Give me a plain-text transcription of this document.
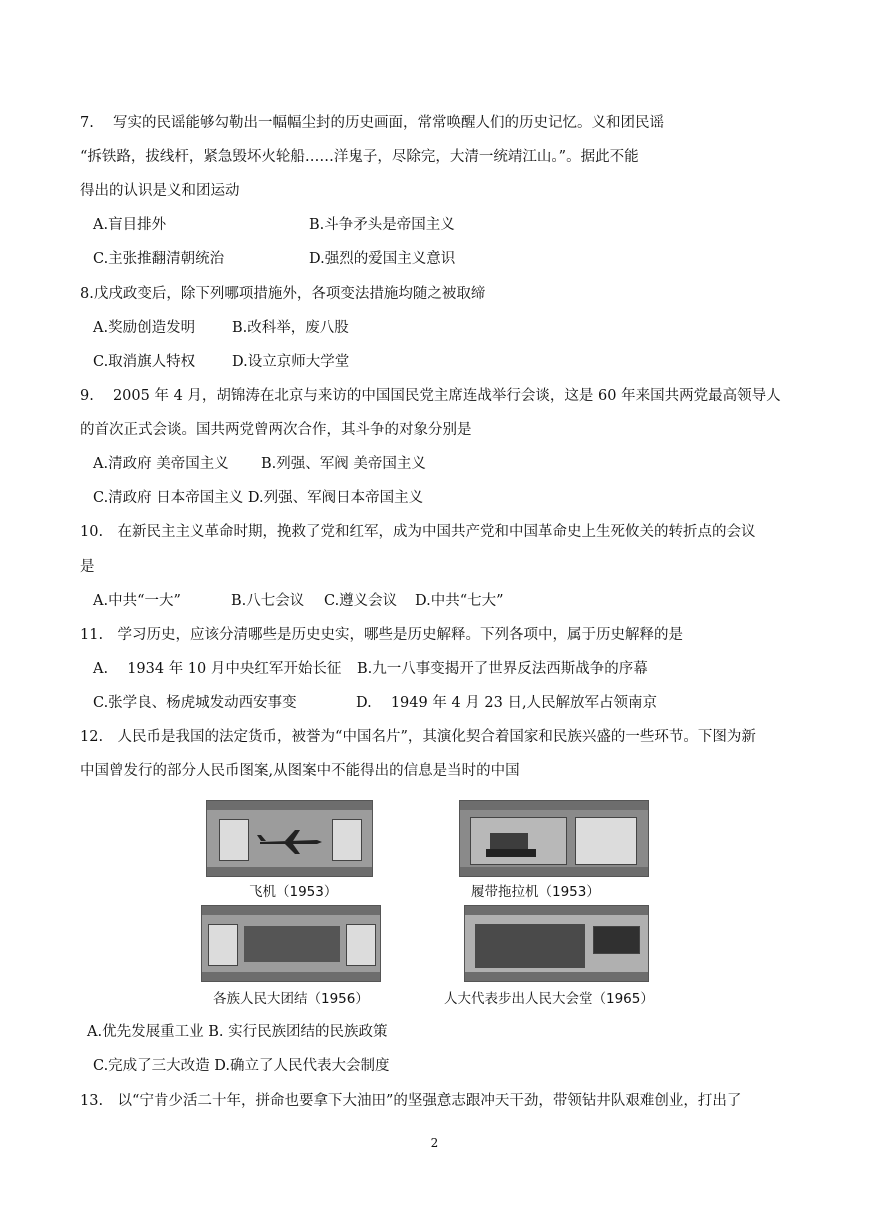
7.　 写实的民谣能够勾勒出一幅幅尘封的历史画面，常常唤醒人们的历史记忆。义和团民谣
“拆铁路，拔线杆，紧急毁坏火轮船……洋鬼子，尽除完，大清一统靖江山。”。据此不能
得出的认识是义和团运动
A.盲目排外	B.斗争矛头是帝国主义
C.主张推翻清朝统治	D.强烈的爱国主义意识
8.戊戌政变后，除下列哪项措施外，各项变法措施均随之被取缔
A.奖励创造发明	B.改科举，废八股
C.取消旗人特权	D.设立京师大学堂
9.　 2005 年 4 月，胡锦涛在北京与来访的中国国民党主席连战举行会谈，这是 60 年来国共两党最高领导人
的首次正式会谈。国共两党曾两次合作，其斗争的对象分别是
A.清政府 美帝国主义 B.列强、军阀 美帝国主义
C.清政府 日本帝国主义 D.列强、军阀日本帝国主义
10.　在新民主主义革命时期，挽救了党和红军，成为中国共产党和中国革命史上生死攸关的转折点的会议
是
A.中共“一大”	B.八七会议 C.遵义会议 D.中共“七大”
11.　学习历史，应该分清哪些是历史史实，哪些是历史解释。下列各项中，属于历史解释的是
A.　 1934 年 10 月中央红军开始长征 B.九一八事变揭开了世界反法西斯战争的序幕
C.张学良、杨虎城发动西安事变	D.　 1949 年 4 月 23 日,人民解放军占领南京
12.　人民币是我国的法定货币，被誉为“中国名片”，其演化契合着国家和民族兴盛的一些环节。下图为新
中国曾发行的部分人民币图案,从图案中不能得出的信息是当时的中国
飞机（1953）	履带拖拉机（1953）
各族人民大团结（1956）	人大代表步出人民大会堂（1965）
A.优先发展重工业 B. 实行民族团结的民族政策
C.完成了三大改造 D.确立了人民代表大会制度
13.　以“宁肯少活二十年，拼命也要拿下大油田”的坚强意志跟冲天干劲，带领钻井队艰难创业，打出了
2
